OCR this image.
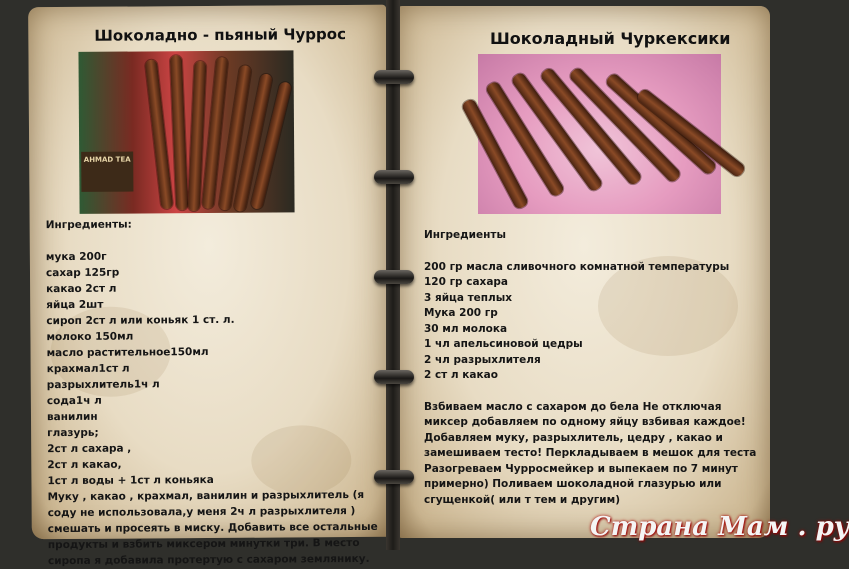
Шоколадно - пьяный Чуррос
AHMAD TEA
Ингредиенты:
мука 200г
сахар 125гр
какао 2ст л
яйца 2шт
сироп 2ст л или коньяк 1 ст. л.
молоко 150мл
масло растительное150мл
крахмал1ст л
разрыхлитель1ч л
сода1ч л
ванилин
глазурь;
2ст л сахара ,
2ст л какао,
1ст л воды + 1ст л коньяка
Муку , какао , крахмал, ванилин и разрыхлитель (я соду не использовала,у меня 2ч л разрыхлителя ) смешать и просеять в миску. Добавить все остальные продукты и взбить миксером минутки три. В место сиропа я добавила протертую с сахаром землянику.
Шоколадный Чуркексики
Ингредиенты
200 гр масла сливочного комнатной температуры
120 гр сахара
3 яйца теплых
Мука 200 гр
30 мл молока
1 чл апельсиновой цедры
2 чл разрыхлителя
2 ст л какао
Взбиваем масло с сахаром до бела Не отключая миксер добавляем по одному яйцу взбивая каждое! Добавляем муку, разрыхлитель, цедру , какао и замешиваем тесто! Перкладываем в мешок для теста Разогреваем Чурросмейкер и выпекаем по 7 минут примерно) Поливаем шоколадной глазурью или сгущенкой( или т тем и другим)
Страна Мам . ру
